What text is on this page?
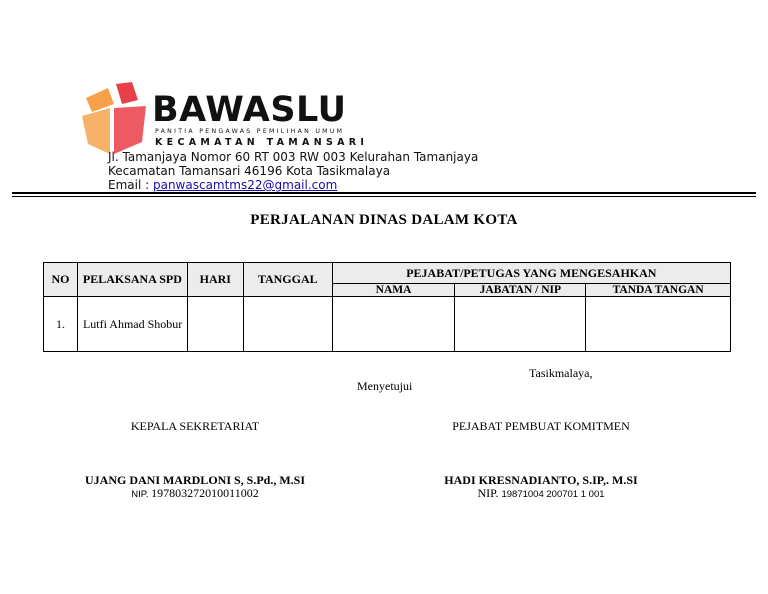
BAWASLU
PANITIA PENGAWAS PEMILIHAN UMUM
KECAMATAN TAMANSARI
Jl. Tamanjaya Nomor 60 RT 003 RW 003 Kelurahan Tamanjaya
Kecamatan Tamansari 46196 Kota Tasikmalaya
Email : panwascamtms22@gmail.com
PERJALANAN DINAS DALAM KOTA
NO	PELAKSANA SPD	HARI	TANGGAL	PEJABAT/PETUGAS YANG MENGESAHKAN		
				NAMA	JABATAN / NIP	TANDA TANGAN
1.	Lutfi Ahmad Shobur					
Tasikmalaya,
Menyetujui
KEPALA SEKRETARIAT
UJANG DANI MARDLONI S, S.Pd., M.SI
NIP. 197803272010011002
PEJABAT PEMBUAT KOMITMEN
HADI KRESNADIANTO, S.IP,. M.SI
NIP. 19871004 200701 1 001
